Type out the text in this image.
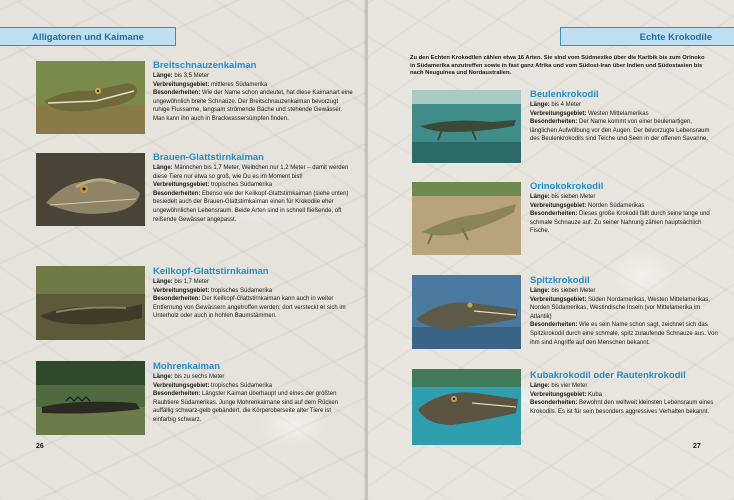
Alligatoren und Kaimane
Breitschnauzenkaiman
Länge: bis 3,5 Meter
Verbreitungsgebiet: mittleres Südamerika
Besonderheiten: Wie der Name schon andeutet, hat diese Kaimanart eine ungewöhnlich breite Schnauze. Der Breitschnauzenkaiman bevorzugt ruhige Flussarme, langsam strömende Bäche und stehende Gewässer. Man kann ihn auch in Brackwassersümpfen finden.
Brauen-Glattstirnkaiman
Länge: Männchen bis 1,7 Meter, Weibchen nur 1,2 Meter – damit werden diese Tiere nur etwa so groß, wie Du es im Moment bist!
Verbreitungsgebiet: tropisches Südamerika
Besonderheiten: Ebenso wie der Keilkopf-Glattstirnkaiman (siehe unten) besiedelt auch der Brauen-Glattstirnkaiman einen für Krokodile eher ungewöhnlichen Lebensraum. Beide Arten sind in schnell fließende, oft reißende Gewässer angepasst.
Keilkopf-Glattstirnkaiman
Länge: bis 1,7 Meter
Verbreitungsgebiet: tropisches Südamerika
Besonderheiten: Der Keilkopf-Glattstirnkaiman kann auch in weiter Entfernung von Gewässern angetroffen werden; dort versteckt er sich im Unterholz oder auch in hohlen Baumstämmen.
Mohrenkaiman
Länge: bis zu sechs Meter
Verbreitungsgebiet: tropisches Südamerika
Besonderheiten: Längster Kaiman überhaupt und eines der größten Raubtiere Südamerikas. Junge Mohrenkaimane sind auf dem Rücken auffällig schwarz-gelb gebändert, die Körperoberseite alter Tiere ist einfarbig schwarz.
26
Echte Krokodile
Zu den Echten Krokodilen zählen etwa 16 Arten. Sie sind vom Südmexiko über die Karibik bis zum Orinoko in Südamerika anzutreffen sowie in fast ganz Afrika und vom Südost-Iran über Indien und Südostasien bis nach Neuguinea und Nordaustralien.
Beulenkrokodil
Länge: bis 4 Meter
Verbreitungsgebiet: Westen Mittelamerikas
Besonderheiten: Der Name kommt von einer beulenartigen, länglichen Aufwölbung vor den Augen. Der bevorzugte Lebensraum des Beulenkrokodils sind Teiche und Seen in der offenen Savanne.
Orinokokrokodil
Länge: bis sieben Meter
Verbreitungsgebiet: Norden Südamerikas
Besonderheiten: Dieses große Krokodil fällt durch seine lange und schmale Schnauze auf. Zu seiner Nahrung zählen hauptsächlich Fische.
Spitzkrokodil
Länge: bis sieben Meter
Verbreitungsgebiet: Süden Nordamerikas, Westen Mittelamerikas, Norden Südamerikas, Westindische Inseln (vor Mittelamerika im Atlantik)
Besonderheiten: Wie es sein Name schon sagt, zeichnet sich das Spitzkrokodil durch eine schmale, spitz zulaufende Schnauze aus. Von ihm sind Angriffe auf den Menschen bekannt.
Kubakrokodil oder Rautenkrokodil
Länge: bis vier Meter
Verbreitungsgebiet: Kuba
Besonderheiten: Bewohnt den weltweit kleinsten Lebensraum eines Krokodils. Es ist für sein besonders aggressives Verhalten bekannt.
27
